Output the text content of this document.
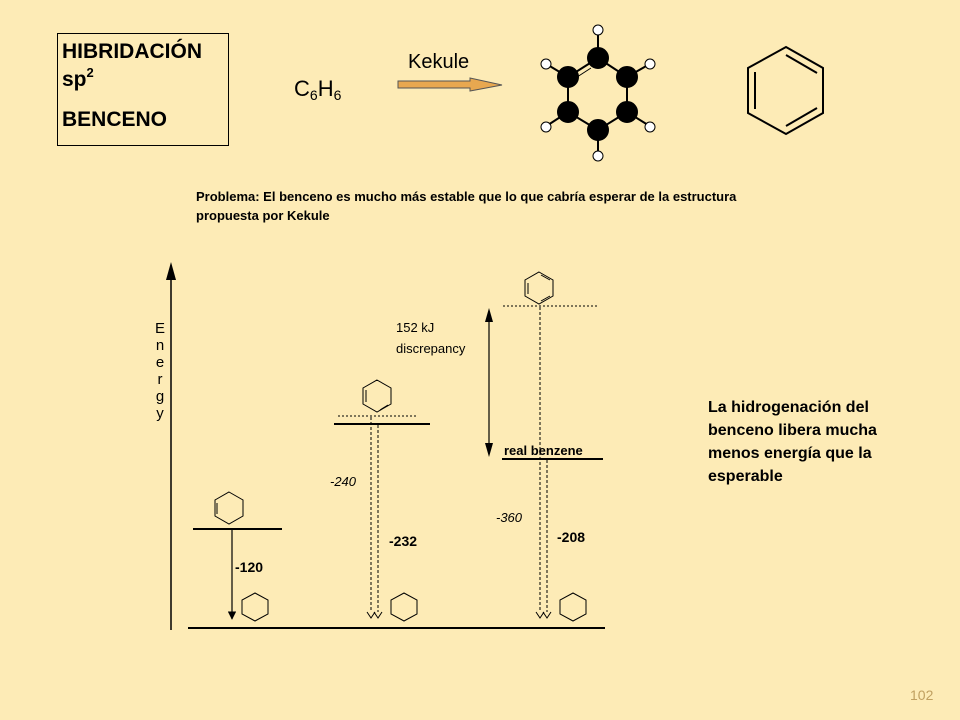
HIBRIDACIÓN
$sp^2$
BENCENO
$C_6H_6$
Kekule
Problema: El benceno es mucho más estable que lo que cabría esperar de la estructura propuesta por Kekule
La hidrogenación del benceno libera mucha menos energía que la esperable
102
E
n
e
r
g
y
-120
-240
-232
real benzene
152 kJ
discrepancy
-360
-208
